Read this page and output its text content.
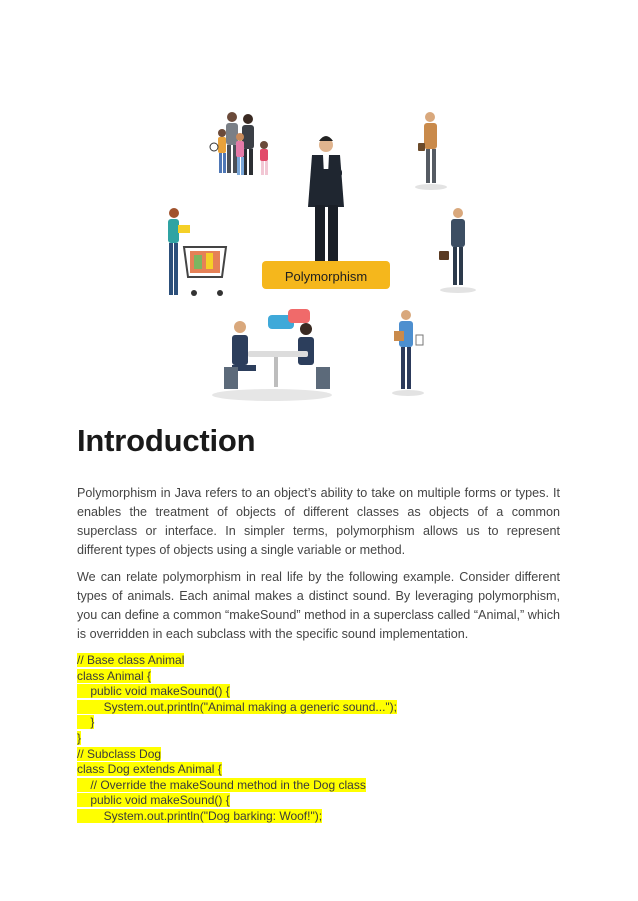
Polymorphism
Introduction

Polymorphism in Java refers to an object’s ability to take on multiple forms or types. It enables the treatment of objects of different classes as objects of a common superclass or interface. In simpler terms, polymorphism allows us to represent different types of objects using a single variable or method.

We can relate polymorphism in real life by the following example. Consider different types of animals. Each animal makes a distinct sound. By leveraging polymorphism, you can define a common “makeSound” method in a superclass called “Animal,” which is overridden in each subclass with the specific sound implementation.

// Base class Animal
class Animal {
public void makeSound() {
System.out.println("Animal making a generic sound...");
}
}
// Subclass Dog
class Dog extends Animal {
// Override the makeSound method in the Dog class
public void makeSound() {
System.out.println("Dog barking: Woof!");
